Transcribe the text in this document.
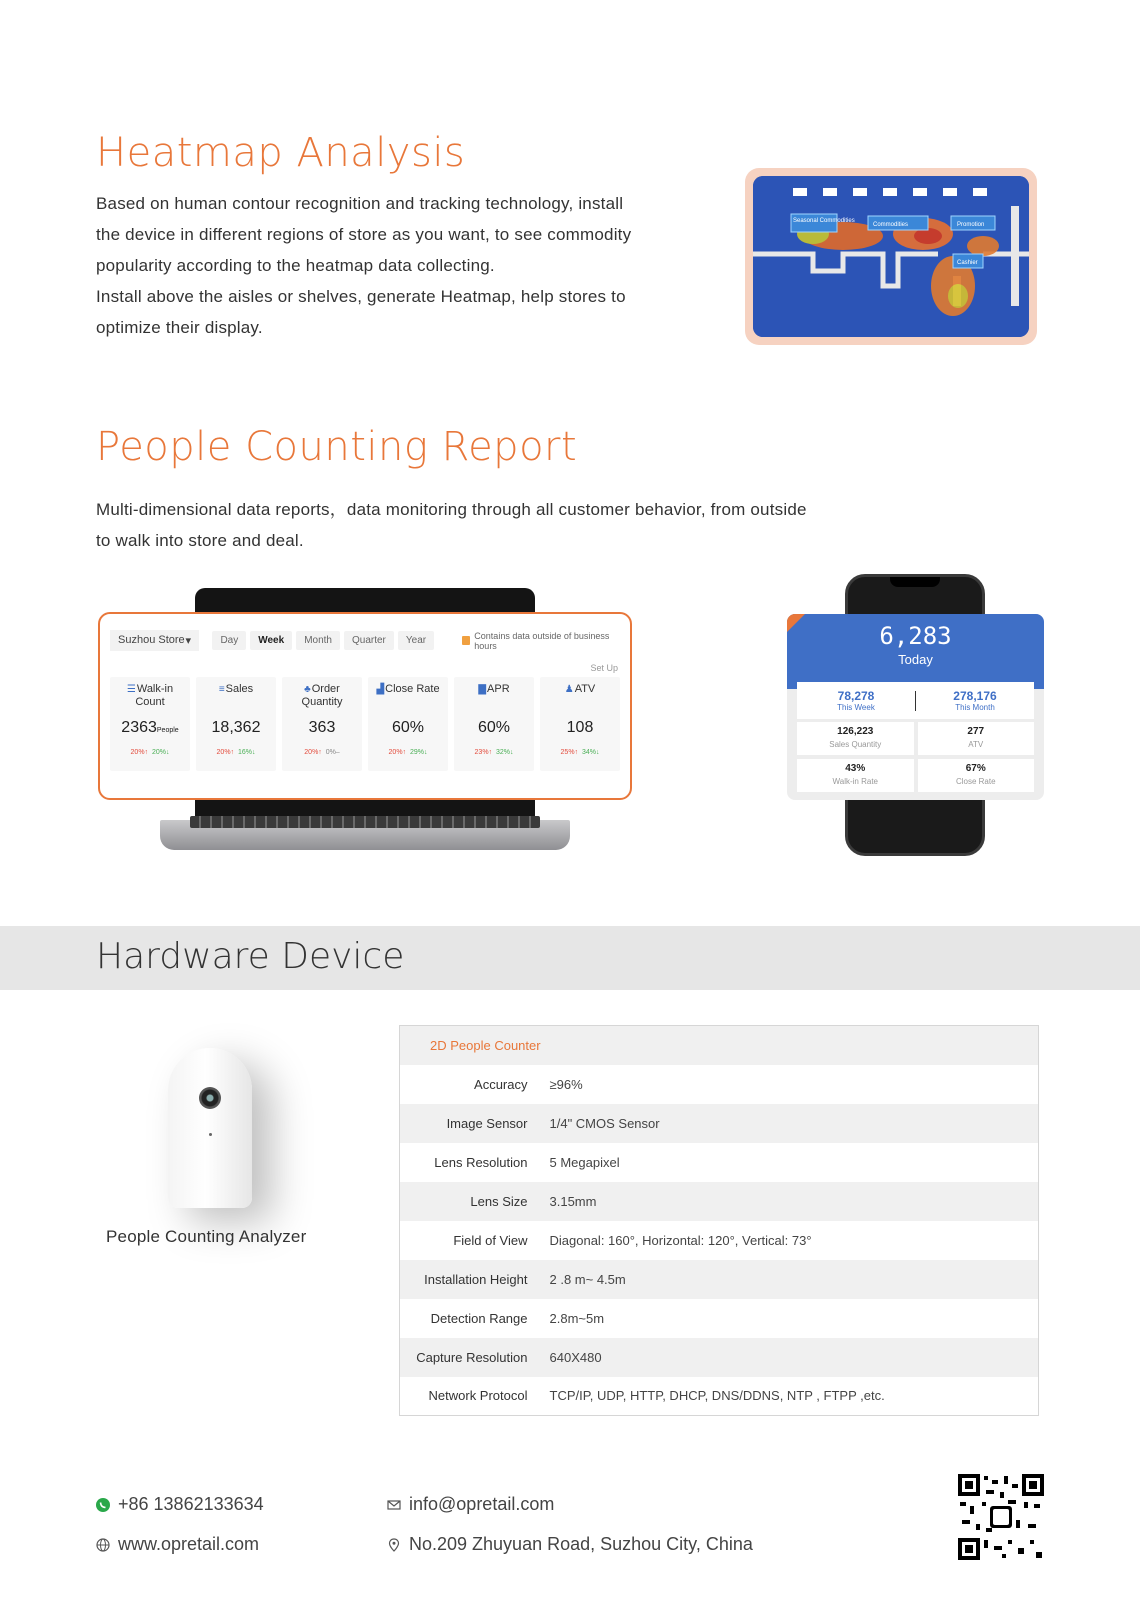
Heatmap Analysis
Based on human contour recognition and tracking technology, install
the device in different regions of store as you want, to see commodity
popularity according to the heatmap data collecting.
Install above the aisles or shelves, generate Heatmap, help stores to
optimize their display.
Seasonal Commodities
Commodities	Promotion
Cashier
People Counting Report
Multi-dimensional data reports，data monitoring through all customer behavior, from outside
to walk into store and deal.
Suzhou Store ▾	Day	Week	Month	Quarter	Year	Contains data outside of business hours
Set Up
☰Walk-in Count
2363People
20%↑ 20%↓
≡Sales
18,362
20%↑ 16%↓
♣Order Quantity
363
20%↑ 0%–
▟Close Rate
60%
20%↑ 29%↓
▇APR
60%
23%↑ 32%↓
♟ATV
108
25%↑ 34%↓
6,283
Today
78,278
This Week
278,176
This Month
126,223
Sales Quantity
277
ATV
43%
Walk-in Rate
67%
Close Rate
Hardware Device
People Counting Analyzer
2D People Counter	
Accuracy	≥96%
Image Sensor	1/4" CMOS Sensor
Lens Resolution	5 Megapixel
Lens Size	3.15mm
Field of View	Diagonal: 160°, Horizontal: 120°, Vertical: 73°
Installation Height	2 .8 m~ 4.5m
Detection Range	2.8m~5m
Capture Resolution	640X480
Network Protocol	TCP/IP, UDP, HTTP, DHCP, DNS/DDNS, NTP , FTPP ,etc.
+86 13862133634
www.opretail.com
info@opretail.com
No.209 Zhuyuan Road, Suzhou City, China
